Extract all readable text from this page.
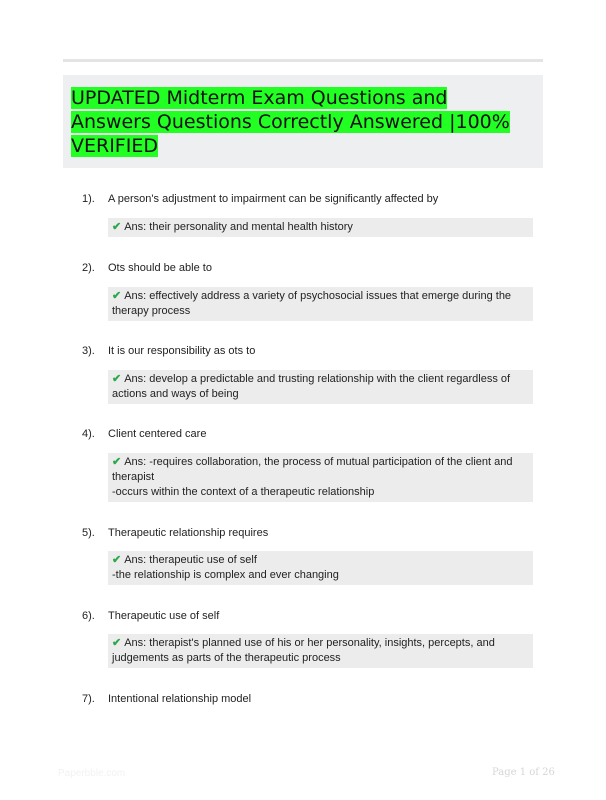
UPDATED Midterm Exam Questions and
Answers Questions Correctly Answered |100%
VERIFIED
1). A person's adjustment to impairment can be significantly affected by
✔ Ans: their personality and mental health history
2). Ots should be able to
✔ Ans: effectively address a variety of psychosocial issues that emerge during the
therapy process
3). It is our responsibility as ots to
✔ Ans: develop a predictable and trusting relationship with the client regardless of
actions and ways of being
4). Client centered care
✔ Ans: -requires collaboration, the process of mutual participation of the client and
therapist
-occurs within the context of a therapeutic relationship
5). Therapeutic relationship requires
✔ Ans: therapeutic use of self
-the relationship is complex and ever changing
6). Therapeutic use of self
✔ Ans: therapist's planned use of his or her personality, insights, percepts, and
judgements as parts of the therapeutic process
7). Intentional relationship model
Paperbble.com	Page 1 of 26
